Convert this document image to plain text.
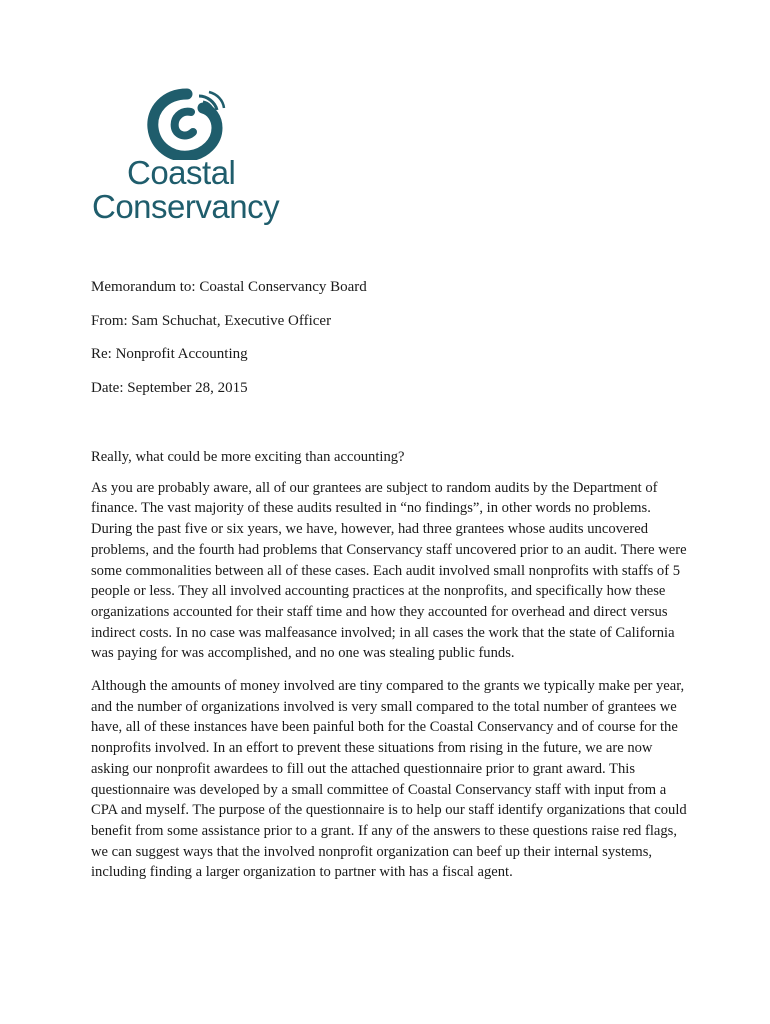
Coastal
Conservancy
Memorandum to: Coastal Conservancy Board
From: Sam Schuchat, Executive Officer
Re: Nonprofit Accounting
Date: September 28, 2015

Really, what could be more exciting than accounting?

As you are probably aware, all of our grantees are subject to random audits by the Department of finance. The vast majority of these audits resulted in “no findings”, in other words no problems. During the past five or six years, we have, however, had three grantees whose audits uncovered problems, and the fourth had problems that Conservancy staff uncovered prior to an audit. There were some commonalities between all of these cases. Each audit involved small nonprofits with staffs of 5 people or less. They all involved accounting practices at the nonprofits, and specifically how these organizations accounted for their staff time and how they accounted for overhead and direct versus indirect costs. In no case was malfeasance involved; in all cases the work that the state of California was paying for was accomplished, and no one was stealing public funds.

Although the amounts of money involved are tiny compared to the grants we typically make per year, and the number of organizations involved is very small compared to the total number of grantees we have, all of these instances have been painful both for the Coastal Conservancy and of course for the nonprofits involved. In an effort to prevent these situations from rising in the future, we are now asking our nonprofit awardees to fill out the attached questionnaire prior to grant award. This questionnaire was developed by a small committee of Coastal Conservancy staff with input from a CPA and myself. The purpose of the questionnaire is to help our staff identify organizations that could benefit from some assistance prior to a grant. If any of the answers to these questions raise red flags, we can suggest ways that the involved nonprofit organization can beef up their internal systems, including finding a larger organization to partner with has a fiscal agent.
